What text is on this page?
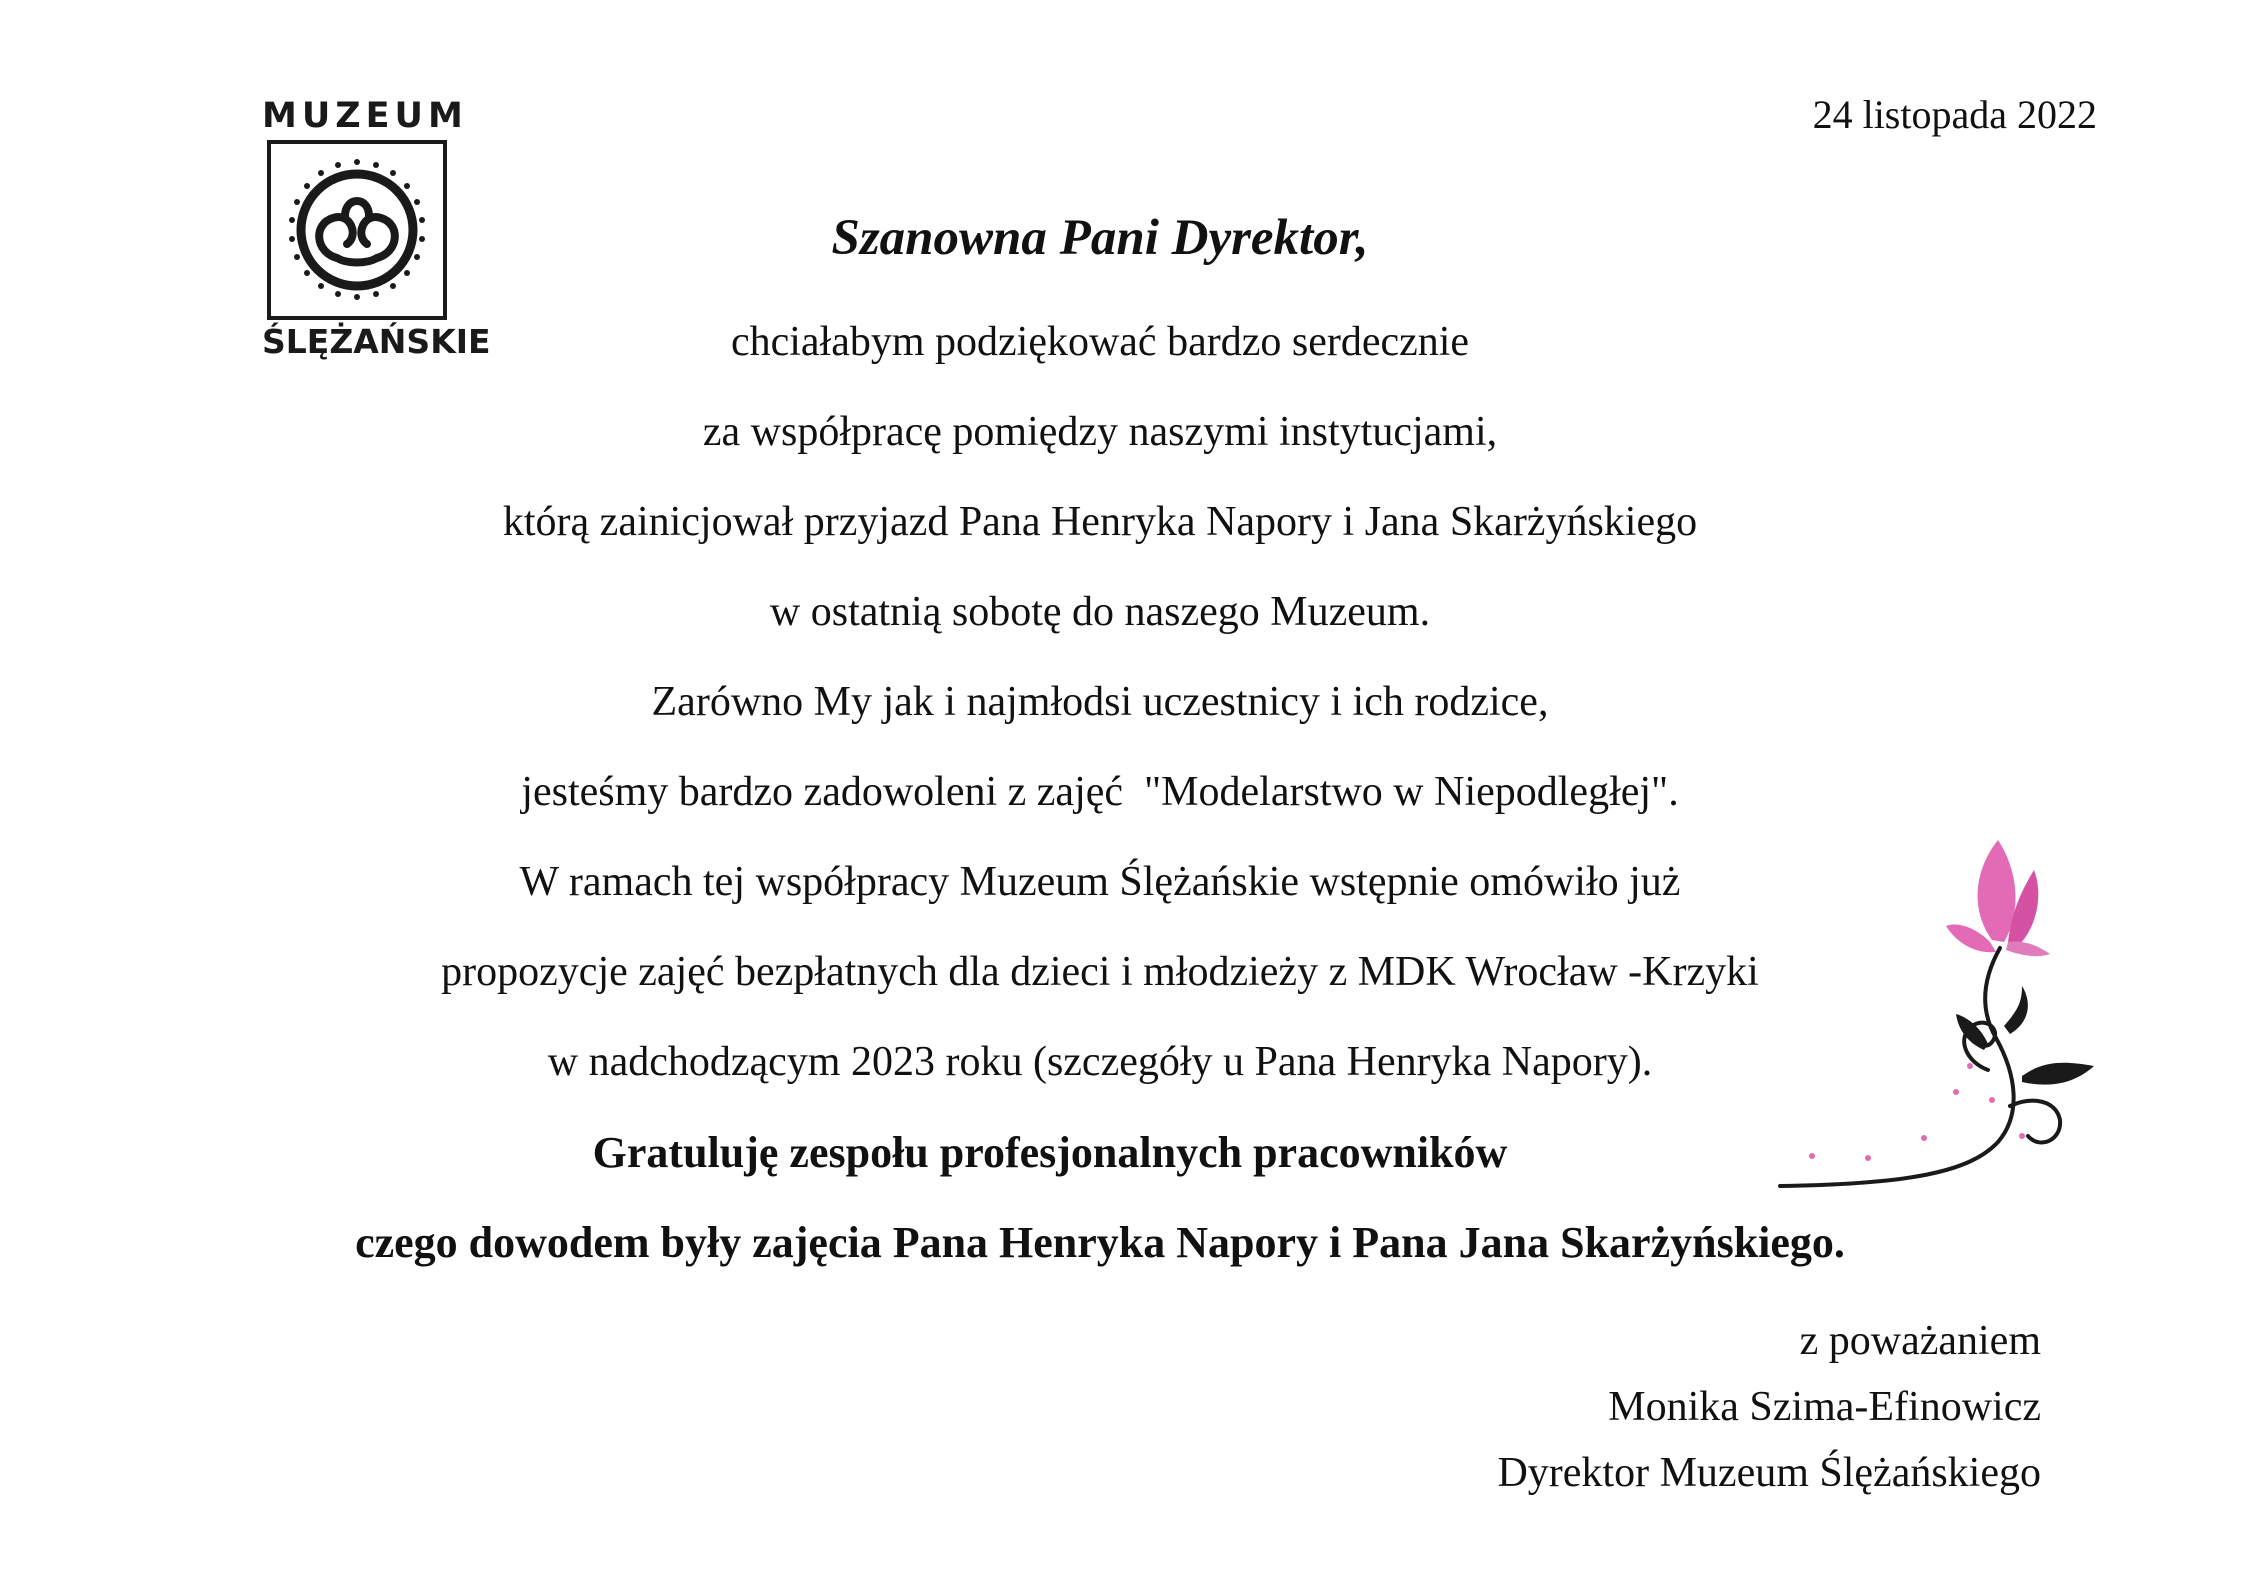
MUZEUM
ŚLĘŻAŃSKIE
24 listopada 2022
Szanowna Pani Dyrektor,
chciałabym podziękować bardzo serdecznie
za współpracę pomiędzy naszymi instytucjami,
którą zainicjował przyjazd Pana Henryka Napory i Jana Skarżyńskiego
w ostatnią sobotę do naszego Muzeum.
Zarówno My jak i najmłodsi uczestnicy i ich rodzice,
jesteśmy bardzo zadowoleni z zajęć  "Modelarstwo w Niepodległej".
W ramach tej współpracy Muzeum Ślężańskie wstępnie omówiło już
propozycje zajęć bezpłatnych dla dzieci i młodzieży z MDK Wrocław -Krzyki
w nadchodzącym 2023 roku (szczegóły u Pana Henryka Napory).
Gratuluję zespołu profesjonalnych pracowników
czego dowodem były zajęcia Pana Henryka Napory i Pana Jana Skarżyńskiego.
z poważaniem
Monika Szima-Efinowicz
Dyrektor Muzeum Ślężańskiego
